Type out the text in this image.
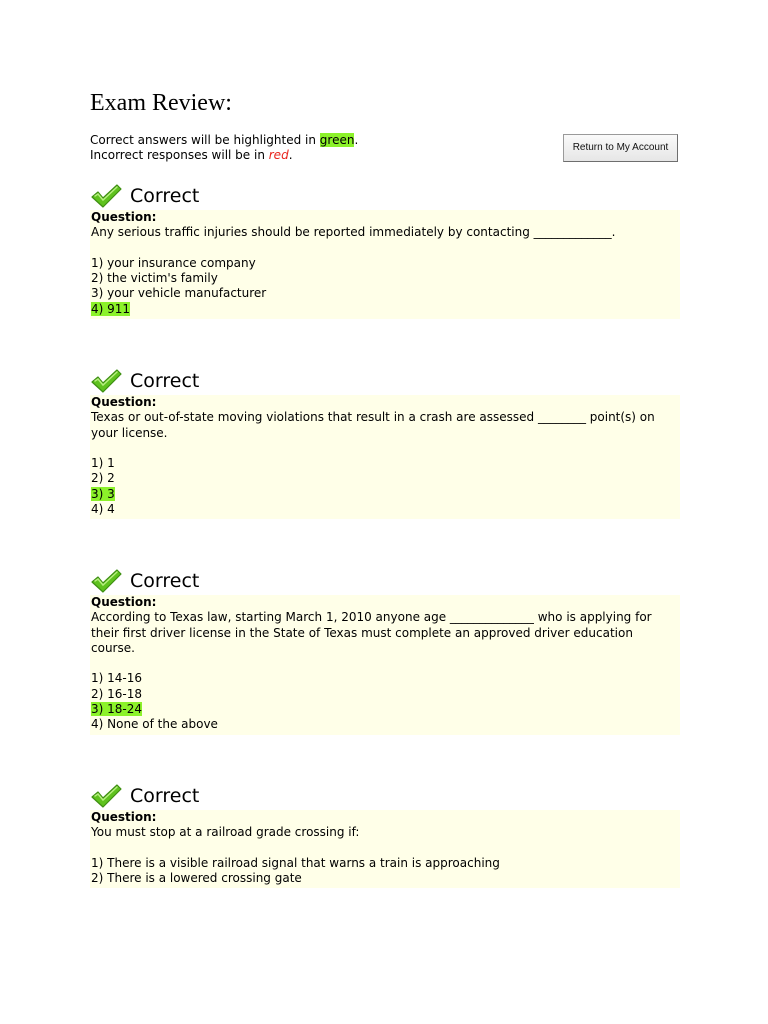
Exam Review:
Correct answers will be highlighted in green.
Incorrect responses will be in red.
Return to My Account
Correct
Question:
Any serious traffic injuries should be reported immediately by contacting _____________.
1) your insurance company
2) the victim's family
3) your vehicle manufacturer
4) 911
Correct
Question:
Texas or out-of-state moving violations that result in a crash are assessed ________ point(s) on your license.
1) 1
2) 2
3) 3
4) 4
Correct
Question:
According to Texas law, starting March 1, 2010 anyone age ______________ who is applying for their first driver license in the State of Texas must complete an approved driver education course.
1) 14-16
2) 16-18
3) 18-24
4) None of the above
Correct
Question:
You must stop at a railroad grade crossing if:
1) There is a visible railroad signal that warns a train is approaching
2) There is a lowered crossing gate
